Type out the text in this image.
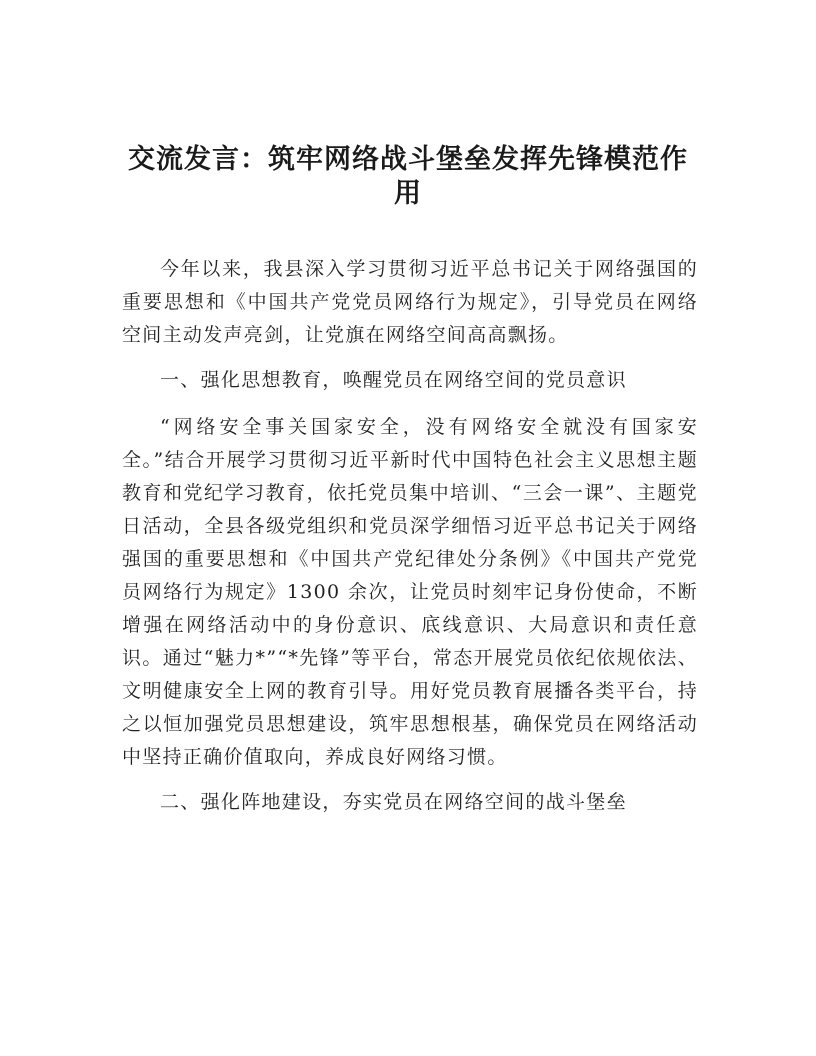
交流发言：筑牢网络战斗堡垒发挥先锋模范作用

今年以来，我县深入学习贯彻习近平总书记关于网络强国的重要思想和《中国共产党党员网络行为规定》，引导党员在网络空间主动发声亮剑，让党旗在网络空间高高飘扬。

一、强化思想教育，唤醒党员在网络空间的党员意识

“网络安全事关国家安全，没有网络安全就没有国家安全。”结合开展学习贯彻习近平新时代中国特色社会主义思想主题教育和党纪学习教育，依托党员集中培训、“三会一课”、主题党日活动，全县各级党组织和党员深学细悟习近平总书记关于网络强国的重要思想和《中国共产党纪律处分条例》《中国共产党党员网络行为规定》1300 余次，让党员时刻牢记身份使命，不断增强在网络活动中的身份意识、底线意识、大局意识和责任意识。通过“魅力*”“*先锋”等平台，常态开展党员依纪依规依法、文明健康安全上网的教育引导。用好党员教育展播各类平台，持之以恒加强党员思想建设，筑牢思想根基，确保党员在网络活动中坚持正确价值取向，养成良好网络习惯。

二、强化阵地建设，夯实党员在网络空间的战斗堡垒
